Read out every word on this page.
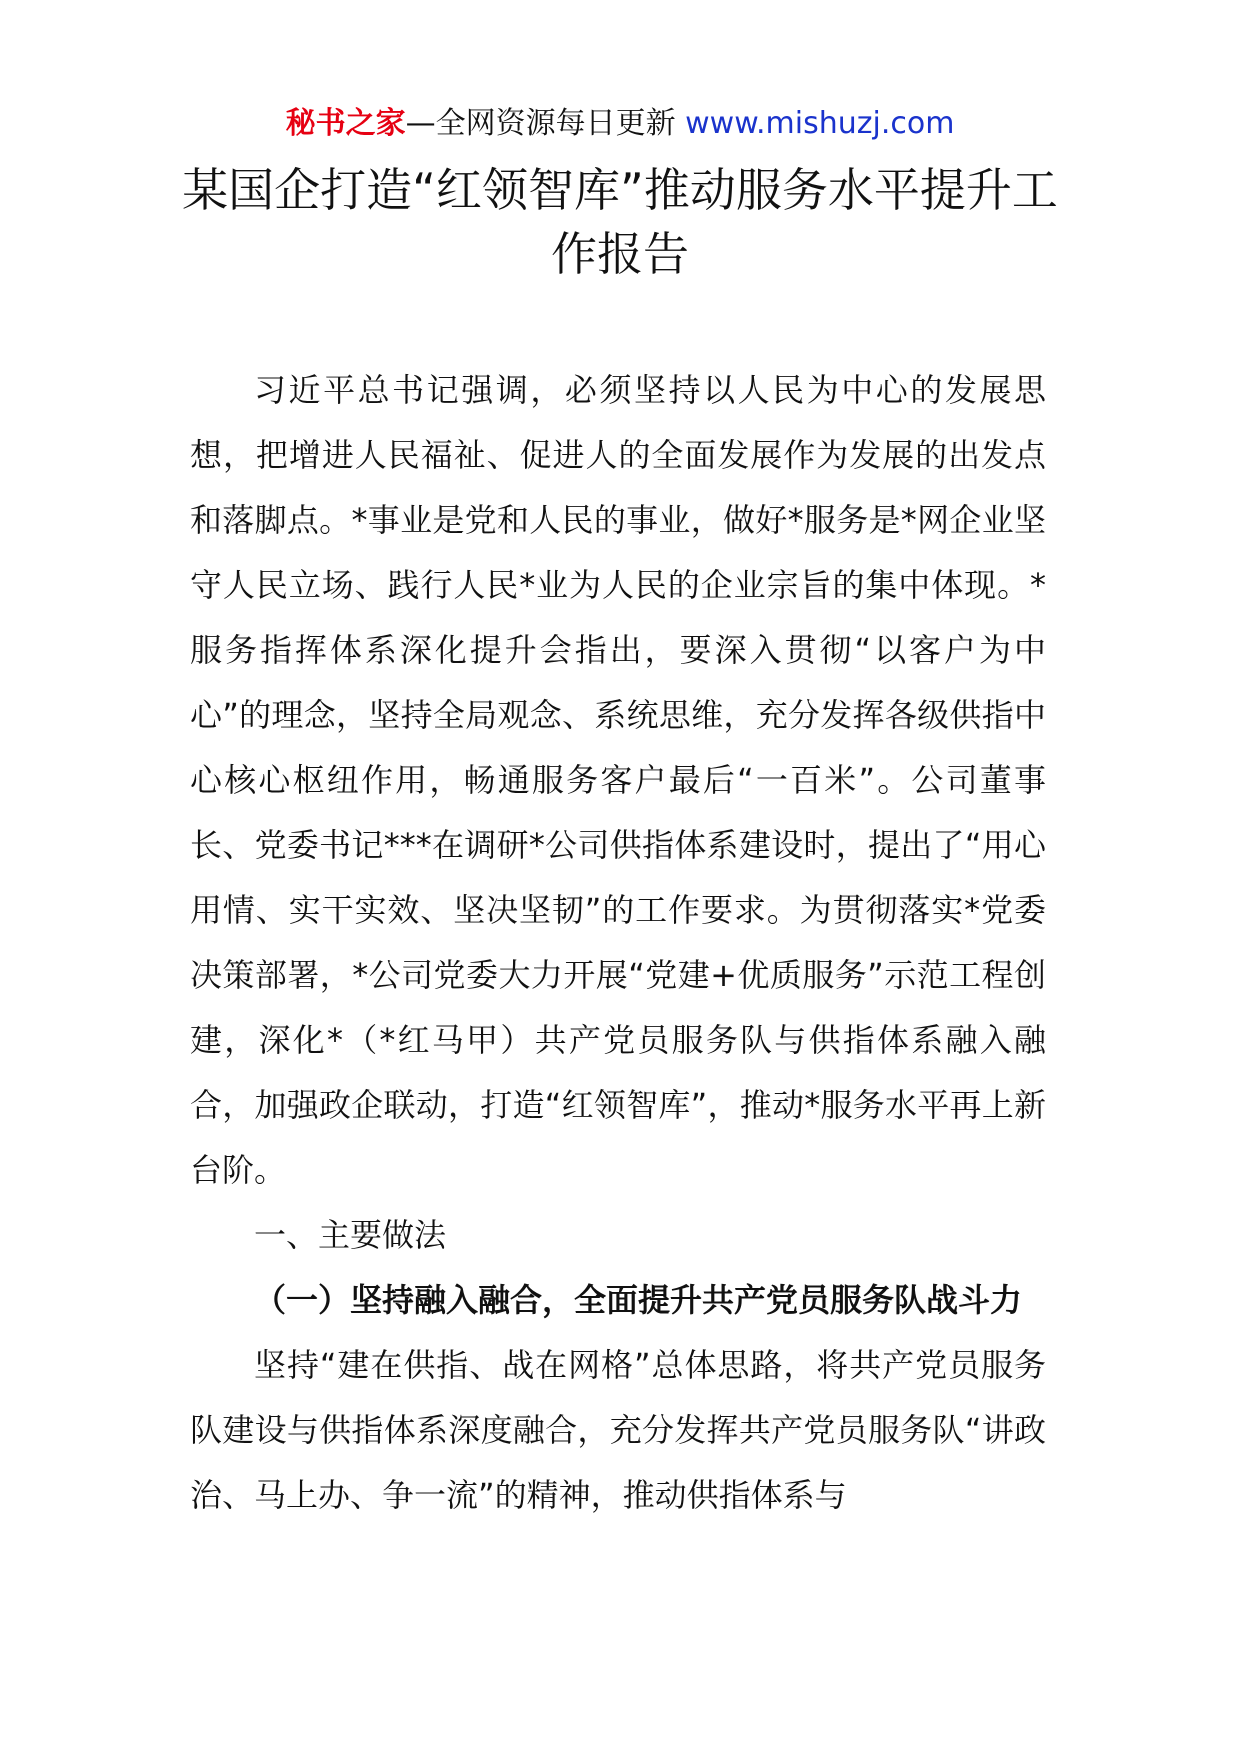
秘书之家—全网资源每日更新 www.mishuzj.com
某国企打造“红领智库”推动服务水平提升工作报告

习近平总书记强调，必须坚持以人民为中心的发展思想，把增进人民福祉、促进人的全面发展作为发展的出发点和落脚点。*事业是党和人民的事业，做好*服务是*网企业坚守人民立场、践行人民*业为人民的企业宗旨的集中体现。*服务指挥体系深化提升会指出，要深入贯彻“以客户为中心”的理念，坚持全局观念、系统思维，充分发挥各级供指中心核心枢纽作用，畅通服务客户最后“一百米”。公司董事长、党委书记***在调研*公司供指体系建设时，提出了“用心用情、实干实效、坚决坚韧”的工作要求。为贯彻落实*党委决策部署，*公司党委大力开展“党建+优质服务”示范工程创建，深化*（*红马甲）共产党员服务队与供指体系融入融合，加强政企联动，打造“红领智库”，推动*服务水平再上新台阶。

一、主要做法

（一）坚持融入融合，全面提升共产党员服务队战斗力

坚持“建在供指、战在网格”总体思路，将共产党员服务队建设与供指体系深度融合，充分发挥共产党员服务队“讲政治、马上办、争一流”的精神，推动供指体系与
